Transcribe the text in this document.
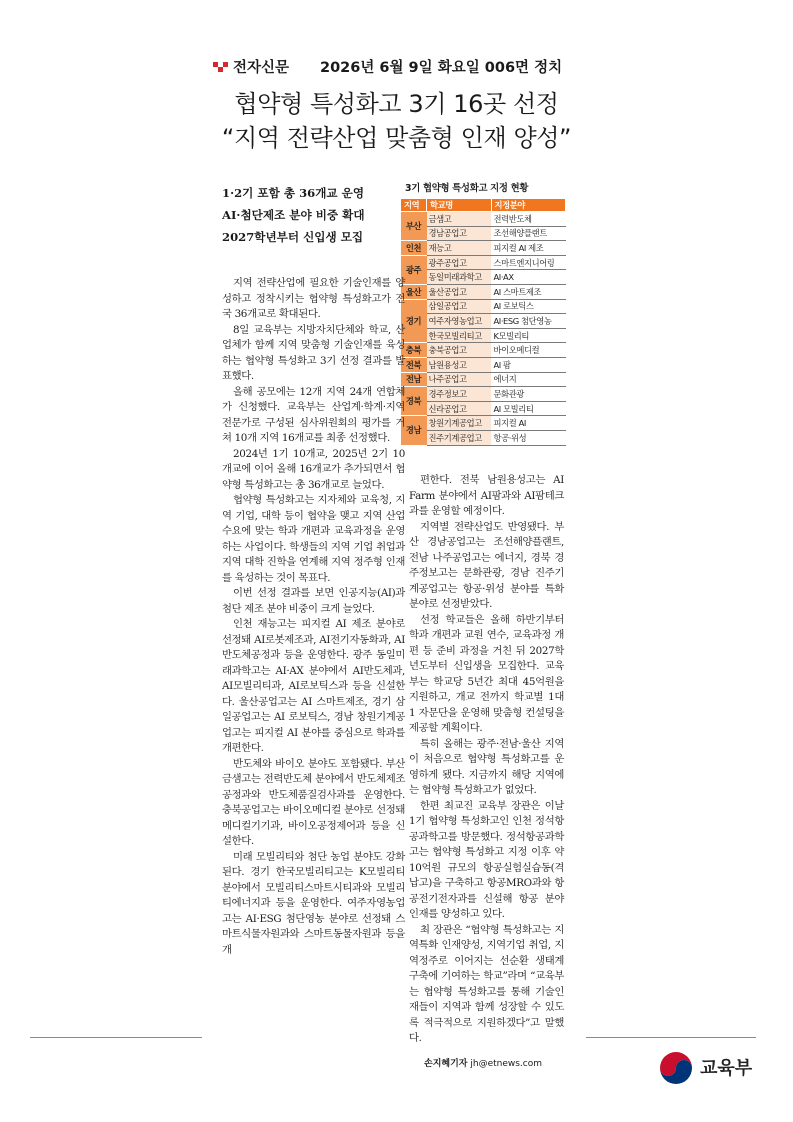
전자신문 2026년 6월 9일 화요일 006면 정치
협약형 특성화고 3기 16곳 선정
“지역 전략산업 맞춤형 인재 양성”
1·2기 포함 총 36개교 운영
AI·첨단제조 분야 비중 확대
2027학년부터 신입생 모집
3기 협약형 특성화고 지정 현황
지역	학교명	지정분야
부산	금샘고	전력반도체
	경남공업고	조선해양플랜트
인천	재능고	피지컬 AI 제조
광주	광주공업고	스마트엔지니어링
	동일미래과학고	AI·AX
울산	울산공업고	AI 스마트제조
경기	삼일공업고	AI 로보틱스
	여주자영농업고	AI·ESG 첨단영농
	한국모빌리티고	K모빌리티
충북	충북공업고	바이오메디컬
전북	남원용성고	AI 팜
전남	나주공업고	에너지
경북	경주정보고	문화관광
	신라공업고	AI 모빌리티
경남	창원기계공업고	피지컬 AI
	진주기계공업고	항공·위성

지역 전략산업에 필요한 기술인재를 양성하고 정착시키는 협약형 특성화고가 전국 36개교로 확대된다.

8일 교육부는 지방자치단체와 학교, 산업체가 함께 지역 맞춤형 기술인재를 육성하는 협약형 특성화고 3기 선정 결과를 발표했다.

올해 공모에는 12개 지역 24개 연합체가 신청했다. 교육부는 산업계·학계·지역 전문가로 구성된 심사위원회의 평가를 거쳐 10개 지역 16개교를 최종 선정했다.

2024년 1기 10개교, 2025년 2기 10개교에 이어 올해 16개교가 추가되면서 협약형 특성화고는 총 36개교로 늘었다.

협약형 특성화고는 지자체와 교육청, 지역 기업, 대학 등이 협약을 맺고 지역 산업 수요에 맞는 학과 개편과 교육과정을 운영하는 사업이다. 학생들의 지역 기업 취업과 지역 대학 진학을 연계해 지역 정주형 인재를 육성하는 것이 목표다.

이번 선정 결과를 보면 인공지능(AI)과 첨단 제조 분야 비중이 크게 늘었다.

인천 재능고는 피지컬 AI 제조 분야로 선정돼 AI로봇제조과, AI전기자동화과, AI반도체공정과 등을 운영한다. 광주 동일미래과학고는 AI·AX 분야에서 AI반도체과, AI모빌리티과, AI로보틱스과 등을 신설한다. 울산공업고는 AI 스마트제조, 경기 삼일공업고는 AI 로보틱스, 경남 창원기계공업고는 피지컬 AI 분야를 중심으로 학과를 개편한다.

반도체와 바이오 분야도 포함됐다. 부산 금샘고는 전력반도체 분야에서 반도체제조공정과와 반도체품질검사과를 운영한다. 충북공업고는 바이오메디컬 분야로 선정돼 메디컬기기과, 바이오공정제어과 등을 신설한다.

미래 모빌리티와 첨단 농업 분야도 강화된다. 경기 한국모빌리티고는 K모빌리티 분야에서 모빌리티스마트시티과와 모빌리티에너지과 등을 운영한다. 여주자영농업고는 AI·ESG 첨단영농 분야로 선정돼 스마트식물자원과와 스마트동물자원과 등을 개

편한다. 전북 남원용성고는 AI Farm 분야에서 AI팜과와 AI팜테크과를 운영할 예정이다.

지역별 전략산업도 반영됐다. 부산 경남공업고는 조선해양플랜트, 전남 나주공업고는 에너지, 경북 경주정보고는 문화관광, 경남 진주기계공업고는 항공·위성 분야를 특화 분야로 선정받았다.

선정 학교들은 올해 하반기부터 학과 개편과 교원 연수, 교육과정 개편 등 준비 과정을 거친 뒤 2027학년도부터 신입생을 모집한다. 교육부는 학교당 5년간 최대 45억원을 지원하고, 개교 전까지 학교별 1대 1 자문단을 운영해 맞춤형 컨설팅을 제공할 계획이다.

특히 올해는 광주·전남·울산 지역이 처음으로 협약형 특성화고를 운영하게 됐다. 지금까지 해당 지역에는 협약형 특성화고가 없었다.

한편 최교진 교육부 장관은 이날 1기 협약형 특성화고인 인천 정석항공과학고를 방문했다. 정석항공과학고는 협약형 특성화고 지정 이후 약 10억원 규모의 항공실험실습동(격납고)을 구축하고 항공MRO과와 항공전기전자과를 신설해 항공 분야 인재를 양성하고 있다.

최 장관은 “협약형 특성화고는 지역특화 인재양성, 지역기업 취업, 지역정주로 이어지는 선순환 생태계 구축에 기여하는 학교”라며 “교육부는 협약형 특성화고를 통해 기술인재들이 지역과 함께 성장할 수 있도록 적극적으로 지원하겠다”고 말했다.

손지혜기자 jh@etnews.com	교육부
